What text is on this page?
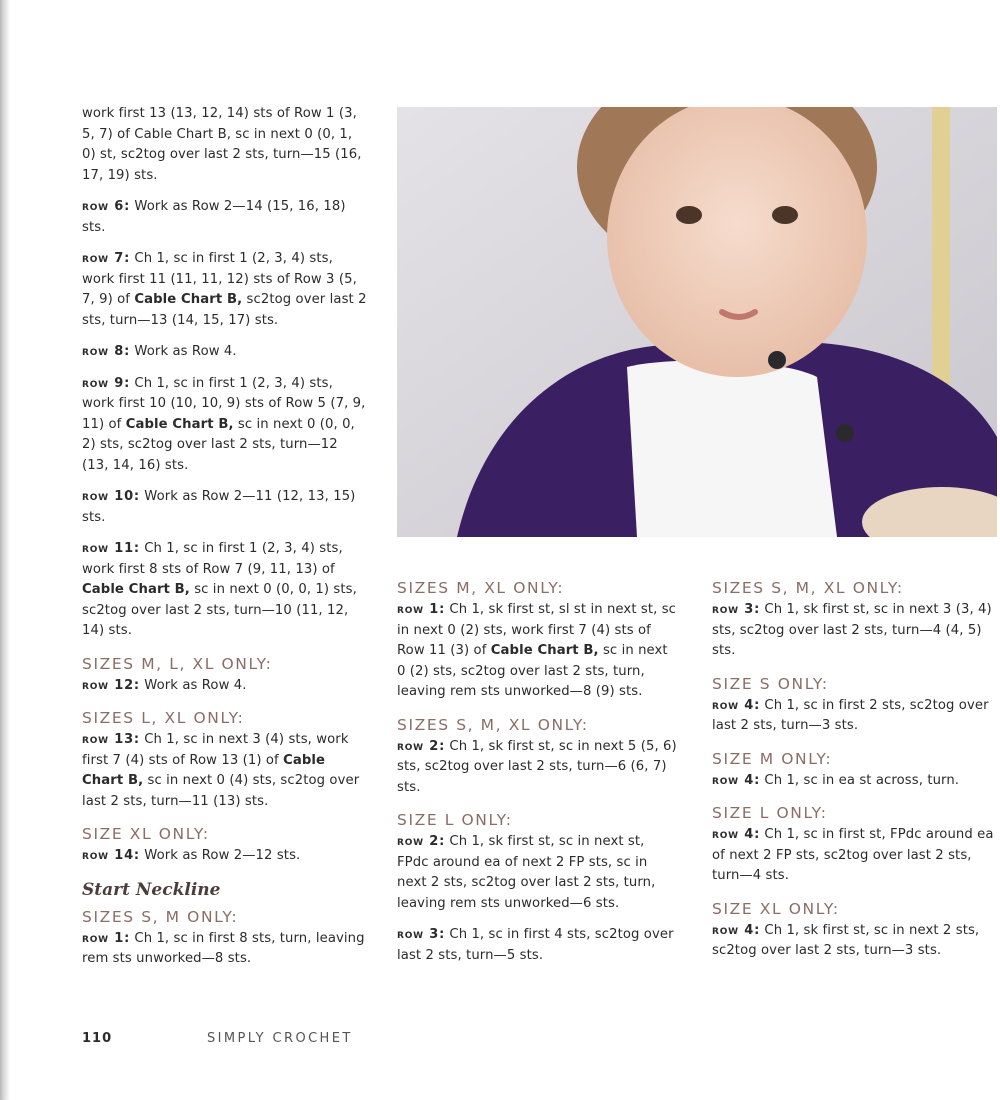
work first 13 (13, 12, 14) sts of Row 1 (3, 5, 7) of Cable Chart B, sc in next 0 (0, 1, 0) st, sc2tog over last 2 sts, turn—15 (16, 17, 19) sts.

row 6: Work as Row 2—14 (15, 16, 18) sts.

row 7: Ch 1, sc in first 1 (2, 3, 4) sts, work first 11 (11, 11, 12) sts of Row 3 (5, 7, 9) of Cable Chart B, sc2tog over last 2 sts, turn—13 (14, 15, 17) sts.

row 8: Work as Row 4.

row 9: Ch 1, sc in first 1 (2, 3, 4) sts, work first 10 (10, 10, 9) sts of Row 5 (7, 9, 11) of Cable Chart B, sc in next 0 (0, 0, 2) sts, sc2tog over last 2 sts, turn—12 (13, 14, 16) sts.

row 10: Work as Row 2—11 (12, 13, 15) sts.

row 11: Ch 1, sc in first 1 (2, 3, 4) sts, work first 8 sts of Row 7 (9, 11, 13) of Cable Chart B, sc in next 0 (0, 0, 1) sts, sc2tog over last 2 sts, turn—10 (11, 12, 14) sts.

SIZES M, L, XL ONLY:

row 12: Work as Row 4.

SIZES L, XL ONLY:

row 13: Ch 1, sc in next 3 (4) sts, work first 7 (4) sts of Row 13 (1) of Cable Chart B, sc in next 0 (4) sts, sc2tog over last 2 sts, turn—11 (13) sts.

SIZE XL ONLY:

row 14: Work as Row 2—12 sts.

Start Neckline
SIZES S, M ONLY:

row 1: Ch 1, sc in first 8 sts, turn, leaving rem sts unworked—8 sts.

SIZES M, XL ONLY:

row 1: Ch 1, sk first st, sl st in next st, sc in next 0 (2) sts, work first 7 (4) sts of Row 11 (3) of Cable Chart B, sc in next 0 (2) sts, sc2tog over last 2 sts, turn, leaving rem sts unworked—8 (9) sts.

SIZES S, M, XL ONLY:

row 2: Ch 1, sk first st, sc in next 5 (5, 6) sts, sc2tog over last 2 sts, turn—6 (6, 7) sts.

SIZE L ONLY:

row 2: Ch 1, sk first st, sc in next st, FPdc around ea of next 2 FP sts, sc in next 2 sts, sc2tog over last 2 sts, turn, leaving rem sts unworked—6 sts.

row 3: Ch 1, sc in first 4 sts, sc2tog over last 2 sts, turn—5 sts.

SIZES S, M, XL ONLY:

row 3: Ch 1, sk first st, sc in next 3 (3, 4) sts, sc2tog over last 2 sts, turn—4 (4, 5) sts.

SIZE S ONLY:

row 4: Ch 1, sc in first 2 sts, sc2tog over last 2 sts, turn—3 sts.

SIZE M ONLY:

row 4: Ch 1, sc in ea st across, turn.

SIZE L ONLY:

row 4: Ch 1, sc in first st, FPdc around ea of next 2 FP sts, sc2tog over last 2 sts, turn—4 sts.

SIZE XL ONLY:

row 4: Ch 1, sk first st, sc in next 2 sts, sc2tog over last 2 sts, turn—3 sts.

110	SIMPLY CROCHET
